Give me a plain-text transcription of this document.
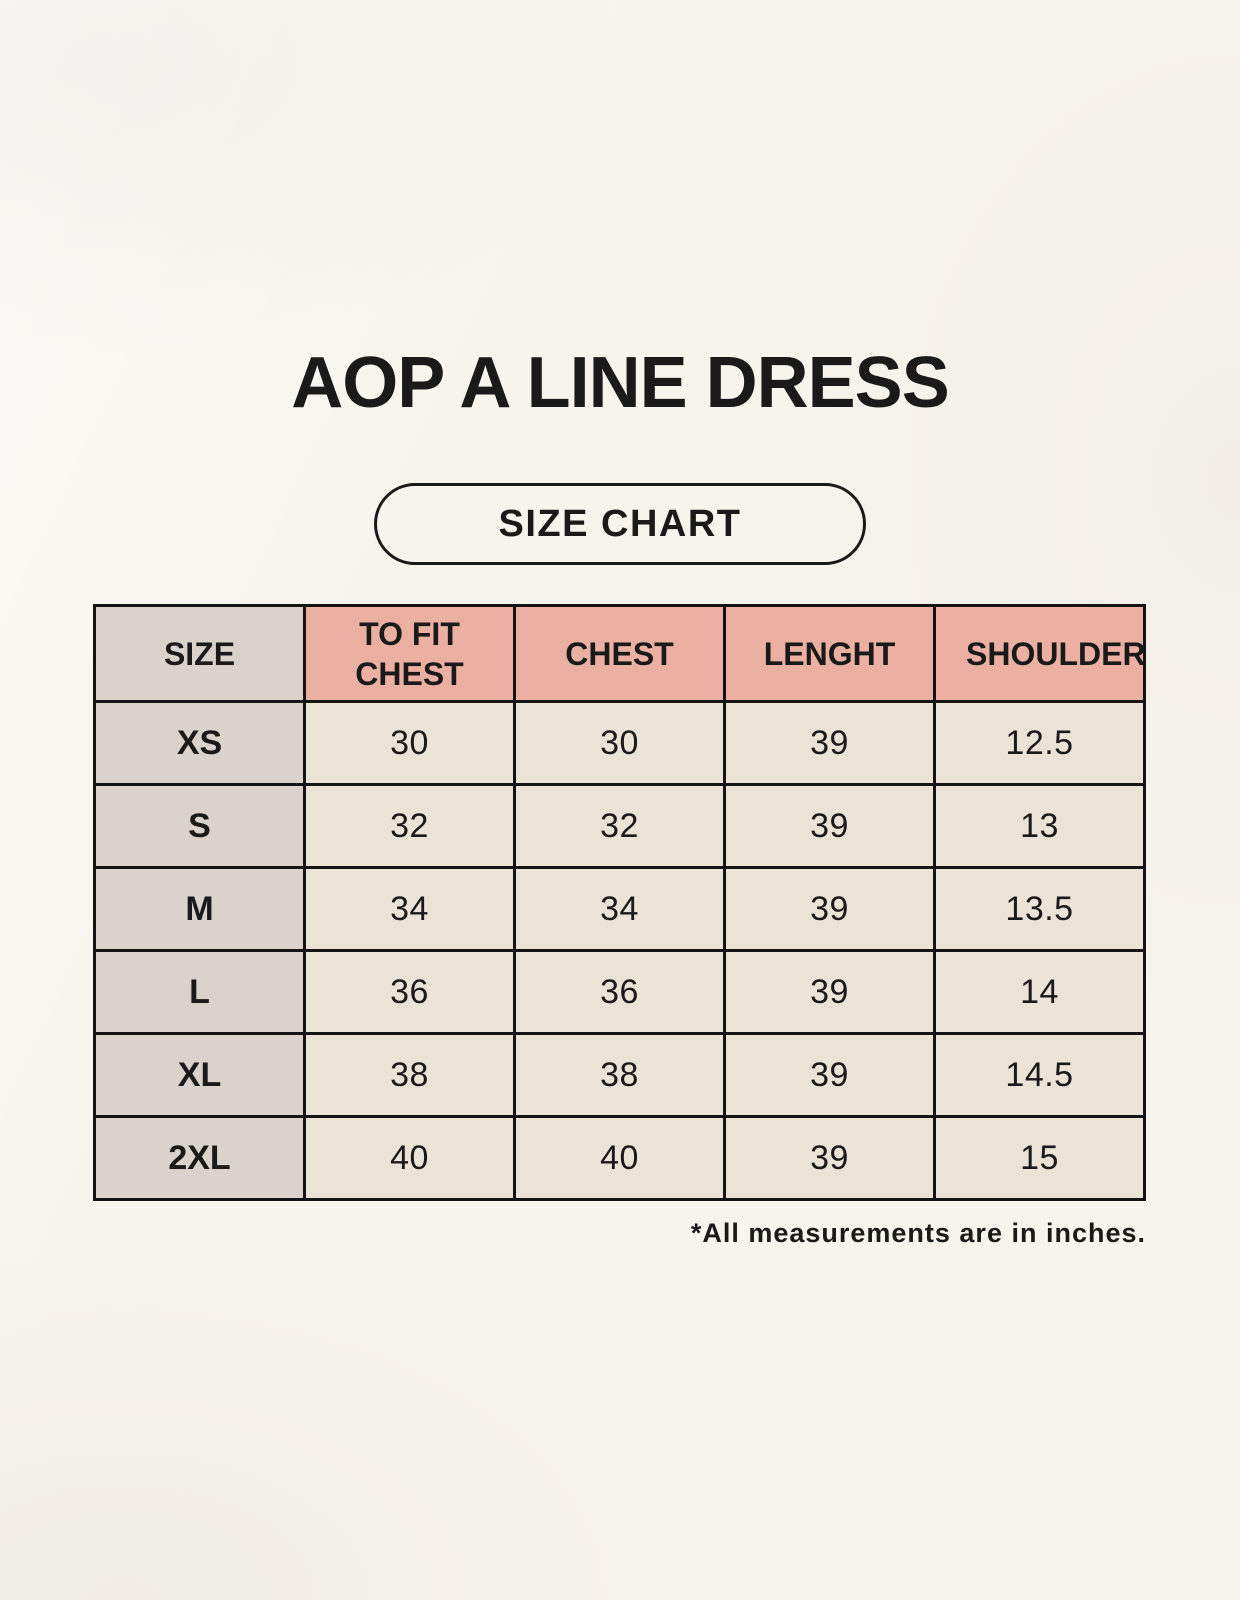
AOP A LINE DRESS
SIZE CHART
SIZE	TO FIT CHEST	CHEST	LENGHT	SHOULDER
XS	30	30	39	12.5
S	32	32	39	13
M	34	34	39	13.5
L	36	36	39	14
XL	38	38	39	14.5
2XL	40	40	39	15
*All measurements are in inches.
